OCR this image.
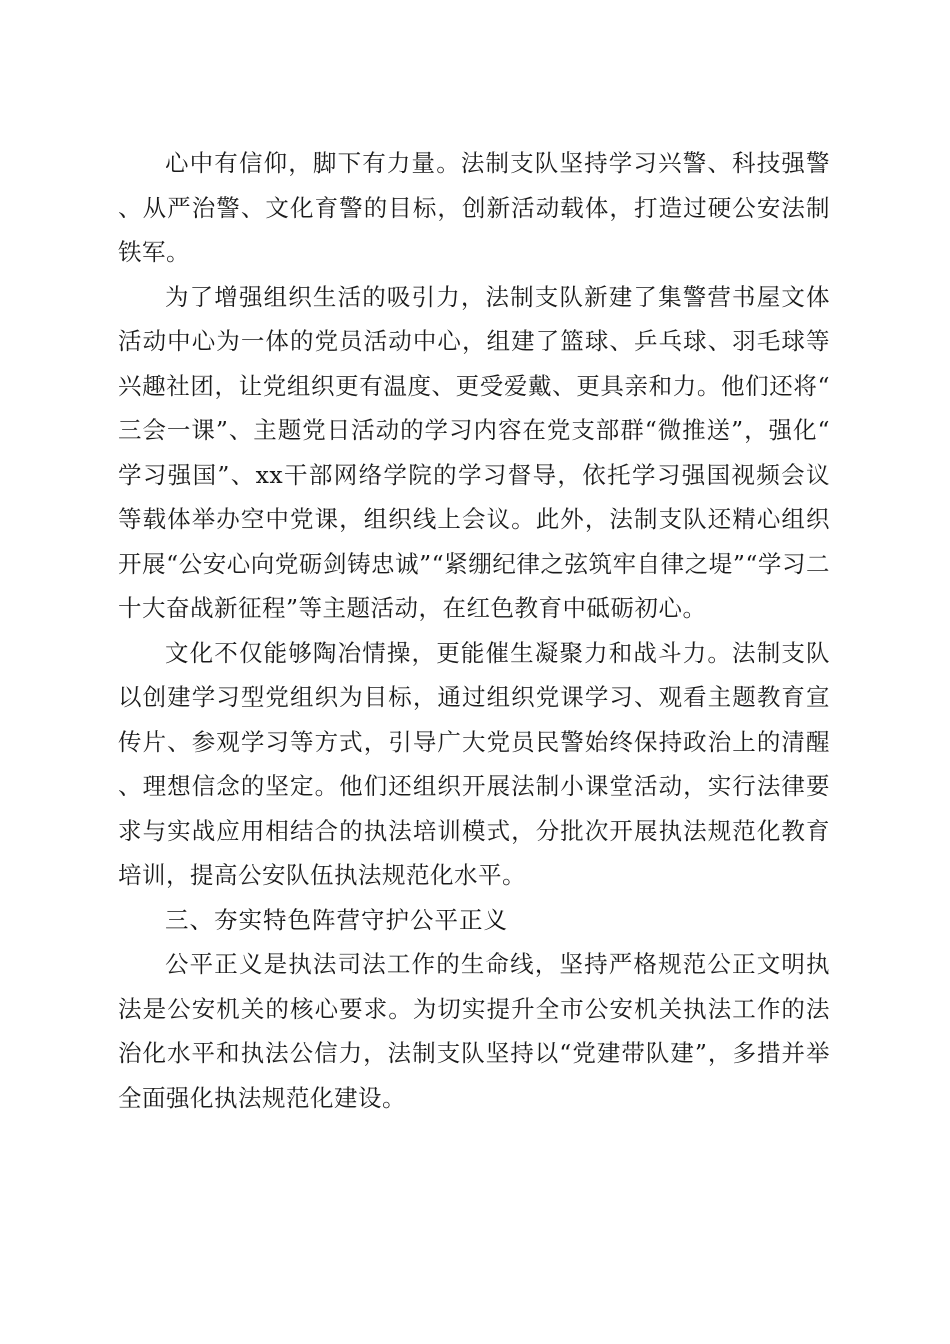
心中有信仰，脚下有力量。法制支队坚持学习兴警、科技强警、从严治警、文化育警的目标，创新活动载体，打造过硬公安法制铁军。

为了增强组织生活的吸引力，法制支队新建了集警营书屋文体活动中心为一体的党员活动中心，组建了篮球、乒乓球、羽毛球等兴趣社团，让党组织更有温度、更受爱戴、更具亲和力。他们还将“三会一课”、主题党日活动的学习内容在党支部群“微推送”，强化“学习强国”、xx干部网络学院的学习督导，依托学习强国视频会议等载体举办空中党课，组织线上会议。此外，法制支队还精心组织开展“公安心向党砺剑铸忠诚”“紧绷纪律之弦筑牢自律之堤”“学习二十大奋战新征程”等主题活动，在红色教育中砥砺初心。

文化不仅能够陶冶情操，更能催生凝聚力和战斗力。法制支队以创建学习型党组织为目标，通过组织党课学习、观看主题教育宣传片、参观学习等方式，引导广大党员民警始终保持政治上的清醒、理想信念的坚定。他们还组织开展法制小课堂活动，实行法律要求与实战应用相结合的执法培训模式，分批次开展执法规范化教育培训，提高公安队伍执法规范化水平。

三、夯实特色阵营守护公平正义

公平正义是执法司法工作的生命线，坚持严格规范公正文明执法是公安机关的核心要求。为切实提升全市公安机关执法工作的法治化水平和执法公信力，法制支队坚持以“党建带队建”，多措并举全面强化执法规范化建设。
